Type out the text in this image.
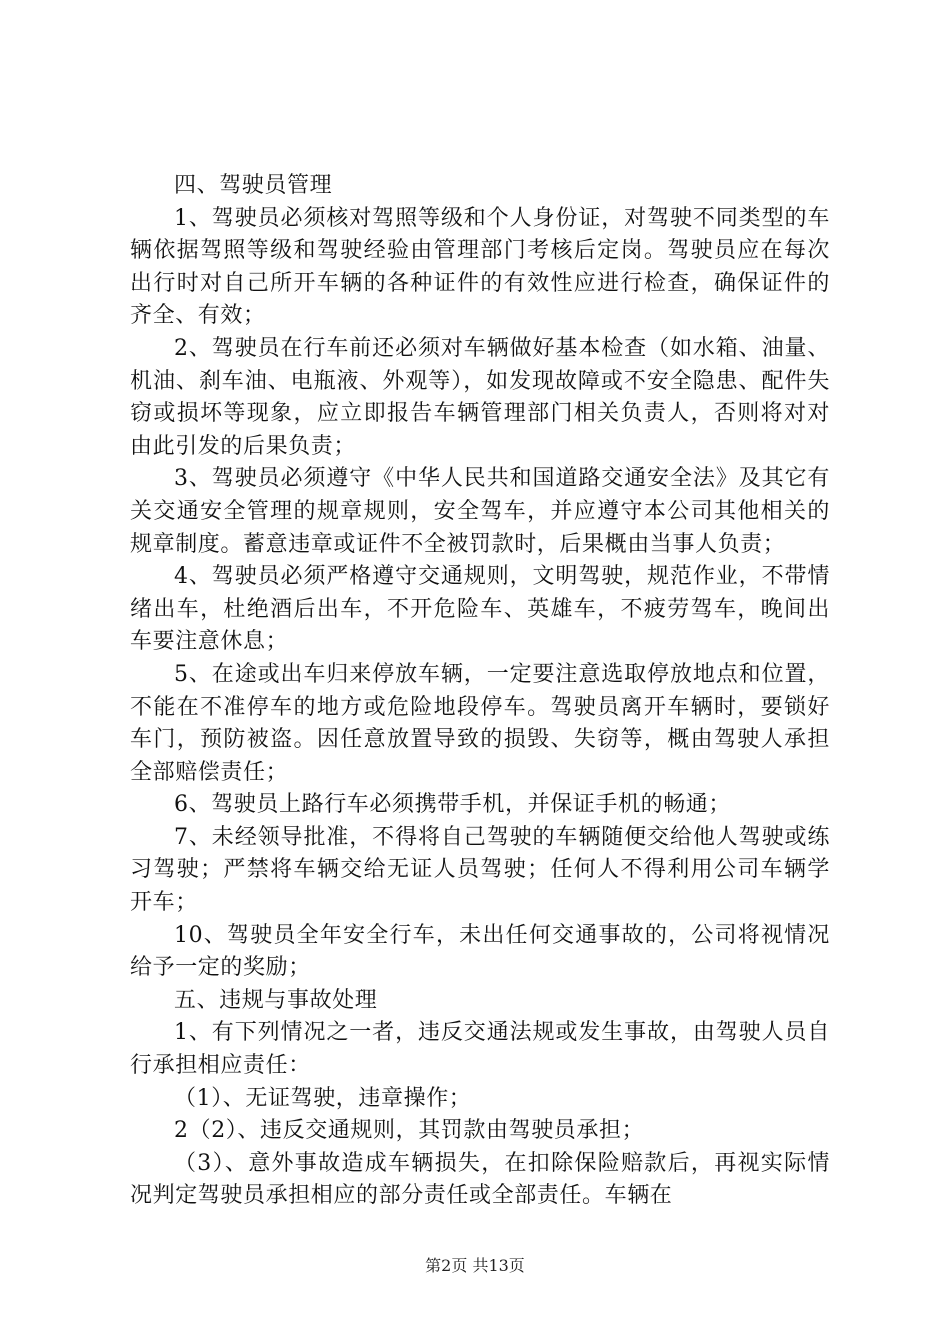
四、驾驶员管理

1、驾驶员必须核对驾照等级和个人身份证，对驾驶不同类型的车辆依据驾照等级和驾驶经验由管理部门考核后定岗。驾驶员应在每次出行时对自己所开车辆的各种证件的有效性应进行检查，确保证件的齐全、有效；

2、驾驶员在行车前还必须对车辆做好基本检查（如水箱、油量、机油、刹车油、电瓶液、外观等），如发现故障或不安全隐患、配件失窃或损坏等现象，应立即报告车辆管理部门相关负责人，否则将对对由此引发的后果负责；

3、驾驶员必须遵守《中华人民共和国道路交通安全法》及其它有关交通安全管理的规章规则，安全驾车，并应遵守本公司其他相关的规章制度。蓄意违章或证件不全被罚款时，后果概由当事人负责；

4、驾驶员必须严格遵守交通规则，文明驾驶，规范作业，不带情绪出车，杜绝酒后出车，不开危险车、英雄车，不疲劳驾车，晚间出车要注意休息；

5、在途或出车归来停放车辆，一定要注意选取停放地点和位置，不能在不准停车的地方或危险地段停车。驾驶员离开车辆时，要锁好车门，预防被盗。因任意放置导致的损毁、失窃等，概由驾驶人承担全部赔偿责任；

6、驾驶员上路行车必须携带手机，并保证手机的畅通；

7、未经领导批准，不得将自己驾驶的车辆随便交给他人驾驶或练习驾驶；严禁将车辆交给无证人员驾驶；任何人不得利用公司车辆学开车；

10、驾驶员全年安全行车，未出任何交通事故的，公司将视情况给予一定的奖励；

五、违规与事故处理

1、有下列情况之一者，违反交通法规或发生事故，由驾驶人员自行承担相应责任：

（1）、无证驾驶，违章操作；

2（2）、违反交通规则，其罚款由驾驶员承担；

（3）、意外事故造成车辆损失，在扣除保险赔款后，再视实际情况判定驾驶员承担相应的部分责任或全部责任。车辆在

第2页 共13页
